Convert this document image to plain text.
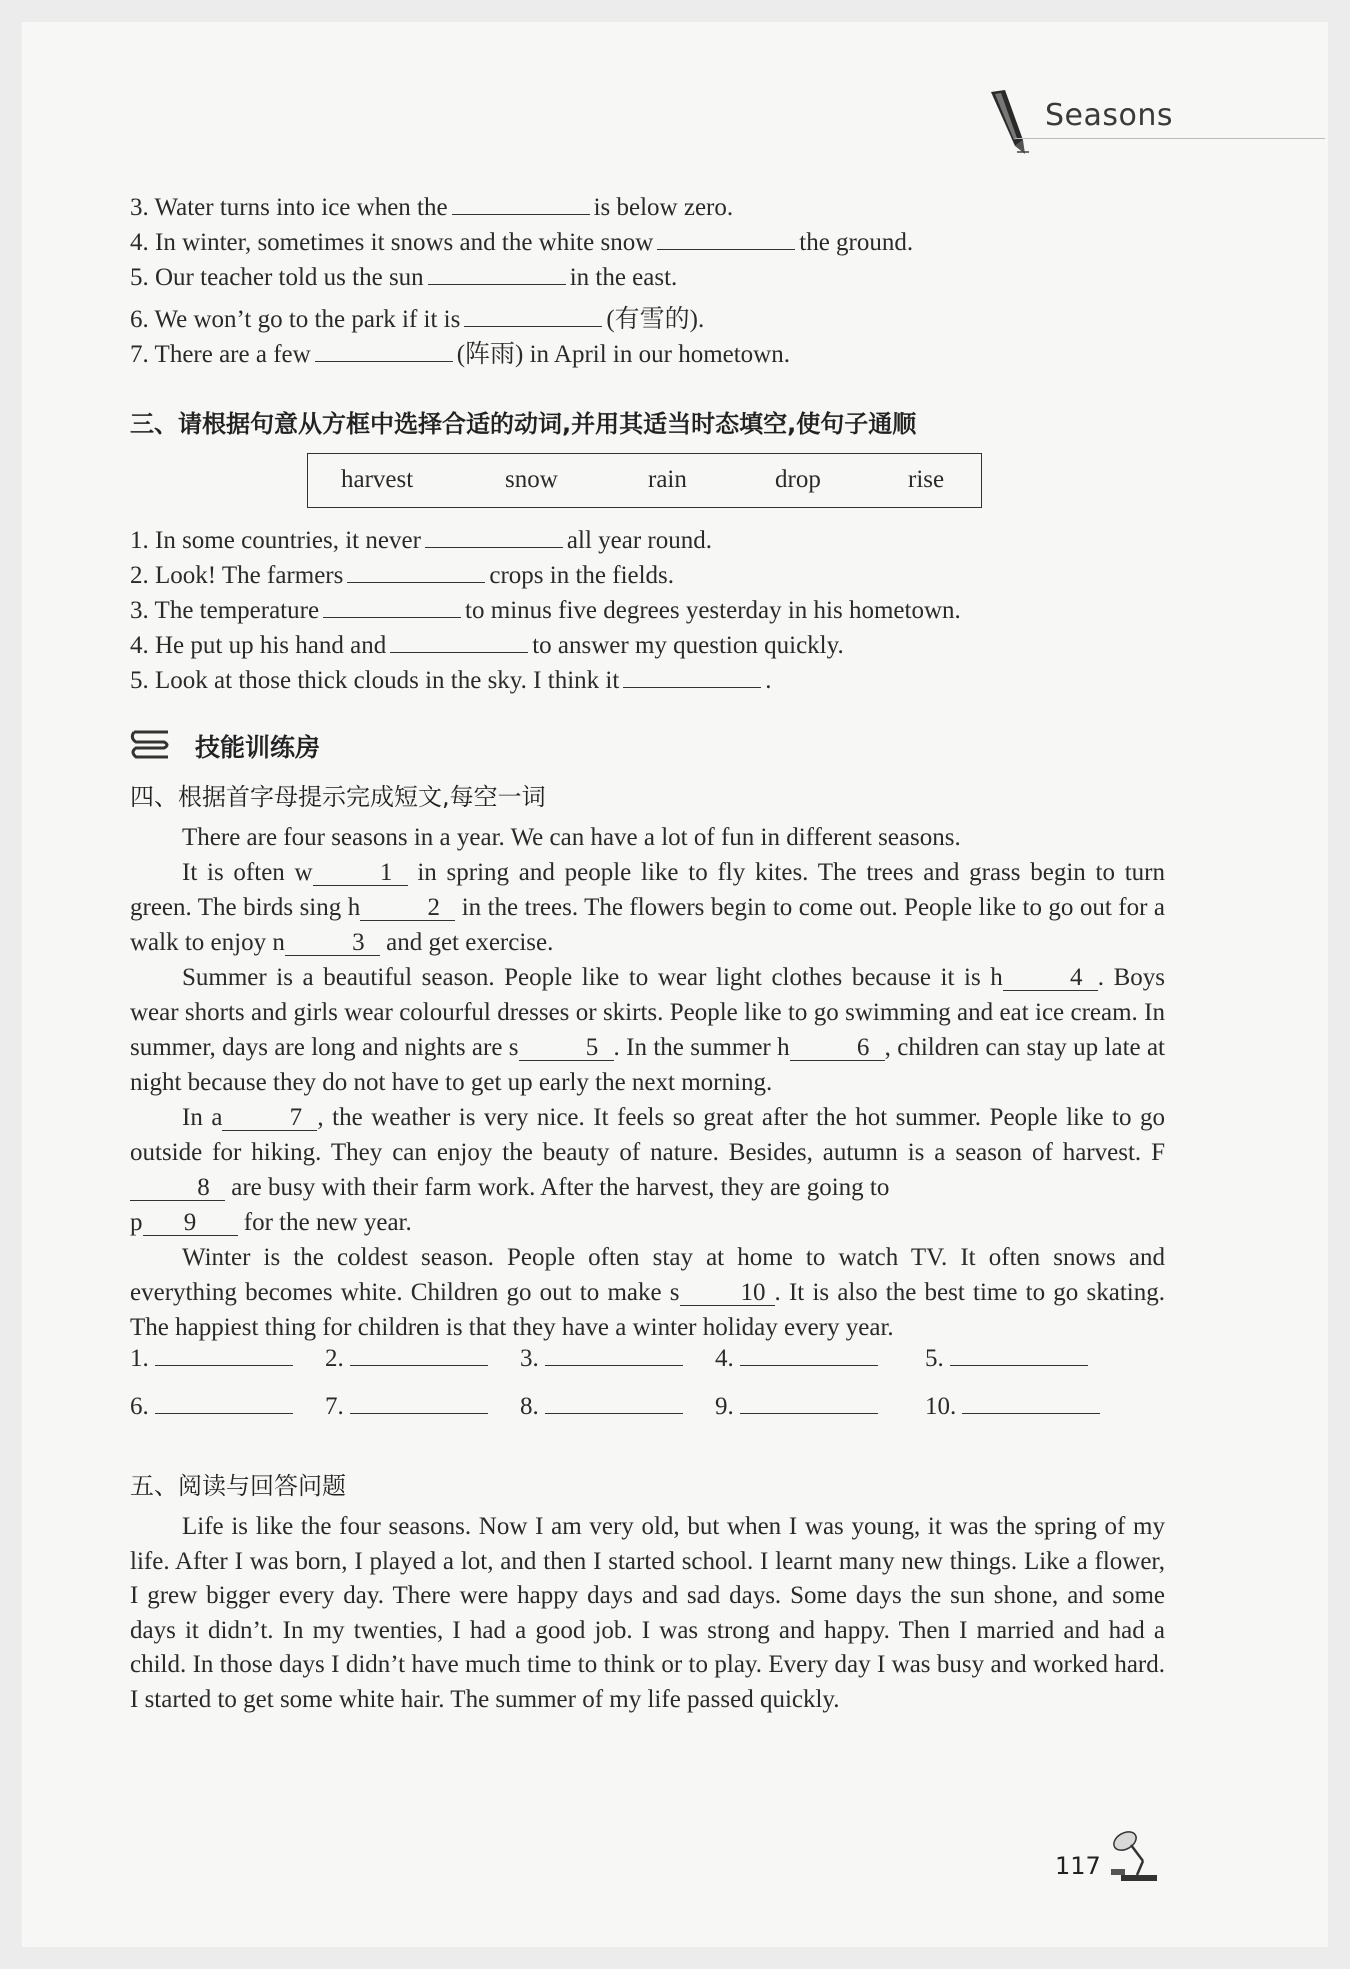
Seasons
3. Water turns into ice when the	is below zero.
4. In winter, sometimes it snows and the white snow	the ground.
5. Our teacher told us the sun	in the east.
6. We won’t go to the park if it is	(有雪的).
7. There are a few	(阵雨) in April in our hometown.
三、请根据句意从方框中选择合适的动词,并用其适当时态填空,使句子通顺
harvest	snow	rain	drop	rise
1. In some countries, it never	all year round.
2. Look! The farmers	crops in the fields.
3. The temperature	to minus five degrees yesterday in his hometown.
4. He put up his hand and	to answer my question quickly.
5. Look at those thick clouds in the sky. I think it	.
技能训练房
四、根据首字母提示完成短文,每空一词

There are four seasons in a year. We can have a lot of fun in different seasons.

It is often w	1 in spring and people like to fly kites. The trees and grass begin to turn green. The birds sing h	2 in the trees. The flowers begin to come out. People like to go out for a walk to enjoy n	3 and get exercise.

Summer is a beautiful season. People like to wear light clothes because it is h	4 . Boys wear shorts and girls wear colourful dresses or skirts. People like to go swimming and eat ice cream. In summer, days are long and nights are s	5 . In the summer h	6 , children can stay up late at night because they do not have to get up early the next morning.

In a	7 , the weather is very nice. It feels so great after the hot summer. People like to go outside for hiking. They can enjoy the beauty of nature. Besides, autumn is a season of harvest. F8 are busy with their farm work. After the harvest, they are going to

p 9 for the new year.

Winter is the coldest season. People often stay at home to watch TV. It often snows and everything becomes white. Children go out to make s 10 . It is also the best time to go skating. The happiest thing for children is that they have a winter holiday every year.

1.	2.	3.	4.	5.
6.	7.	8.	9.	10.
五、阅读与回答问题

Life is like the four seasons. Now I am very old, but when I was young, it was the spring of my life. After I was born, I played a lot, and then I started school. I learnt many new things. Like a flower, I grew bigger every day. There were happy days and sad days. Some days the sun shone, and some days it didn’t. In my twenties, I had a good job. I was strong and happy. Then I married and had a child. In those days I didn’t have much time to think or to play. Every day I was busy and worked hard. I started to get some white hair. The summer of my life passed quickly.

117
